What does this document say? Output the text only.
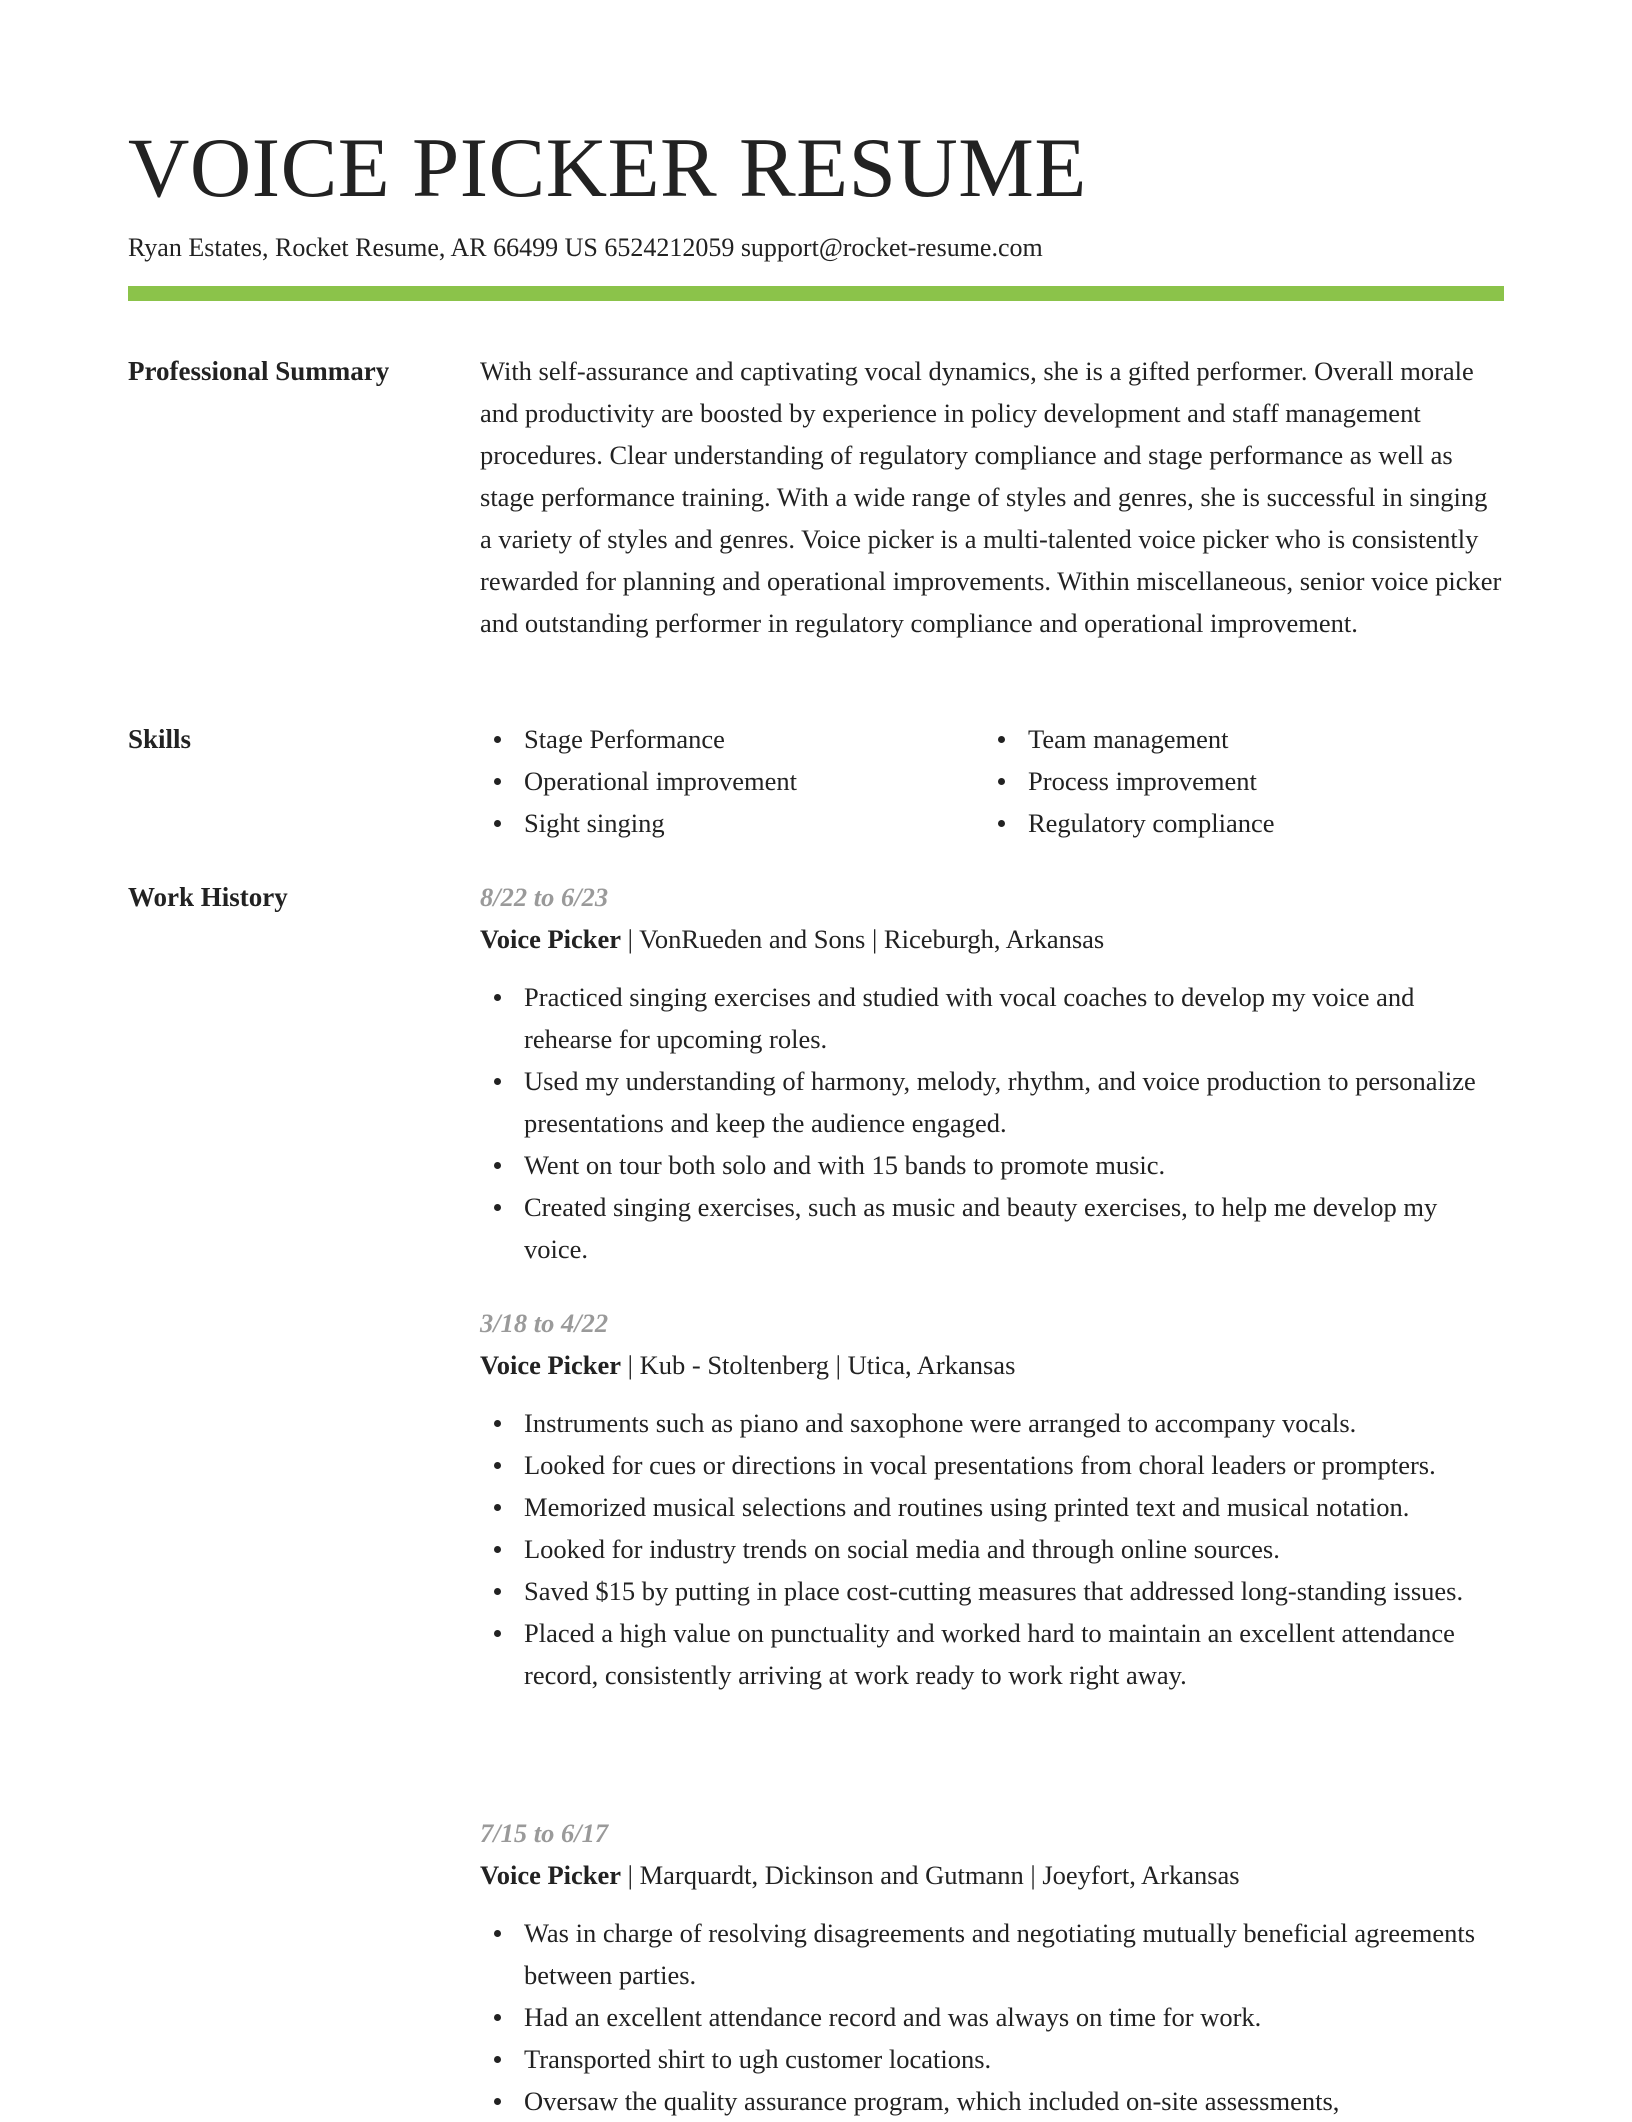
VOICE PICKER RESUME
Ryan Estates, Rocket Resume, AR 66499 US 6524212059 support@rocket-resume.com
Professional Summary	With self-assurance and captivating vocal dynamics, she is a gifted performer. Overall morale and productivity are boosted by experience in policy development and staff management procedures. Clear understanding of regulatory compliance and stage performance as well as stage performance training. With a wide range of styles and genres, she is successful in singing a variety of styles and genres. Voice picker is a multi-talented voice picker who is consistently rewarded for planning and operational improvements. Within miscellaneous, senior voice picker and outstanding performer in regulatory compliance and operational improvement.

Skills	Stage Performance	Team management
Operational improvement	Process improvement
Sight singing	Regulatory compliance
Work History	8/22 to 6/23
Voice Picker | VonRueden and Sons | Riceburgh, Arkansas
Practiced singing exercises and studied with vocal coaches to develop my voice and rehearse for upcoming roles.
Used my understanding of harmony, melody, rhythm, and voice production to personalize presentations and keep the audience engaged.
Went on tour both solo and with 15 bands to promote music.
Created singing exercises, such as music and beauty exercises, to help me develop my voice.
3/18 to 4/22
Voice Picker | Kub - Stoltenberg | Utica, Arkansas
Instruments such as piano and saxophone were arranged to accompany vocals.
Looked for cues or directions in vocal presentations from choral leaders or prompters.
Memorized musical selections and routines using printed text and musical notation.
Looked for industry trends on social media and through online sources.
Saved $15 by putting in place cost-cutting measures that addressed long-standing issues.
Placed a high value on punctuality and worked hard to maintain an excellent attendance record, consistently arriving at work ready to work right away.
7/15 to 6/17
Voice Picker | Marquardt, Dickinson and Gutmann | Joeyfort, Arkansas
Was in charge of resolving disagreements and negotiating mutually beneficial agreements between parties.
Had an excellent attendance record and was always on time for work.
Transported shirt to ugh customer locations.
Oversaw the quality assurance program, which included on-site assessments,
